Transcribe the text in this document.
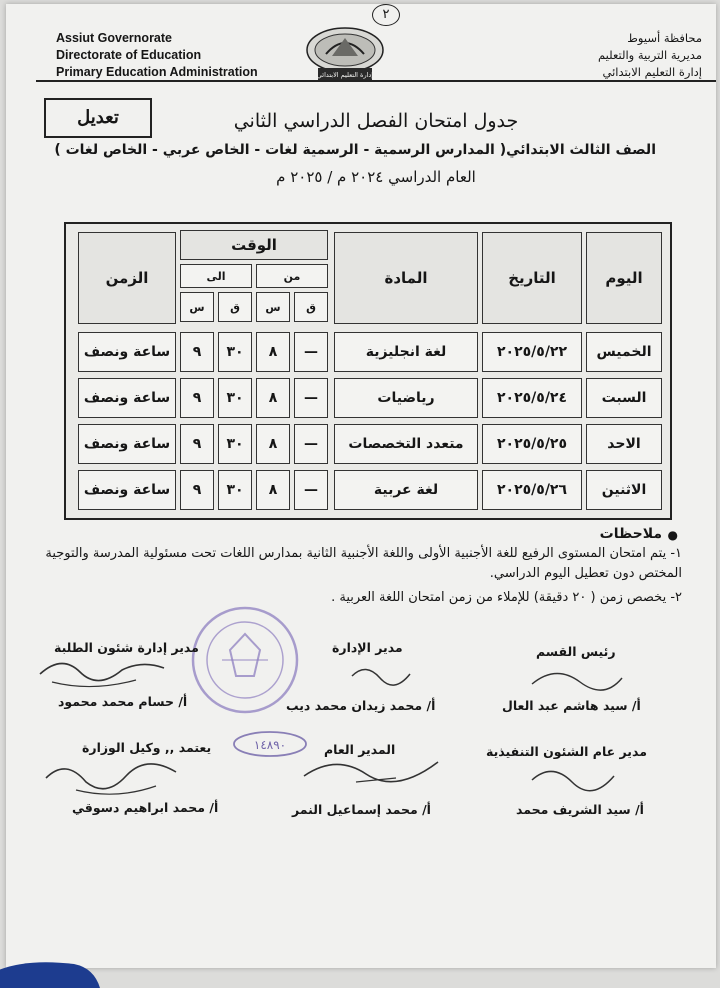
٢
Assiut Governorate
Directorate of Education
Primary Education Administration	إدارة التعليم الابتدائي
محافظة أسيوط
مديرية التربية والتعليم
إدارة التعليم الابتدائي
تعديل	جدول امتحان الفصل الدراسي الثاني
الصف الثالث الابتدائي( المدارس الرسمية - الرسمية لغات - الخاص عربي - الخاص لغات )
العام الدراسي ٢٠٢٤ م / ٢٠٢٥ م
الزمن
الوقت
الى	من
س	ق	س	ق
المادة	التاريخ	اليوم
ساعة ونصف	٩	٣٠	٨	—	لغة انجليزية	٢٠٢٥/٥/٢٢	الخميس
ساعة ونصف	٩	٣٠	٨	—	رياضيات	٢٠٢٥/٥/٢٤	السبت
ساعة ونصف	٩	٣٠	٨	—	متعدد التخصصات	٢٠٢٥/٥/٢٥	الاحد
ساعة ونصف	٩	٣٠	٨	—	لغة عربية	٢٠٢٥/٥/٢٦	الاثنين
●
ملاحظات
١- يتم امتحان المستوى الرفيع للغة الأجنبية الأولى واللغة الأجنبية الثانية بمدارس اللغات تحت مسئولية المدرسة والتوجية المختص دون تعطيل اليوم الدراسي.
٢- يخصص زمن ( ٢٠ دقيقة) للإملاء من زمن امتحان اللغة العربية .
رئيس القسم
مدير الإدارة
مدير إدارة شئون الطلبة
أ/ سيد هاشم عبد العال
أ/ محمد زيدان محمد ديب
أ/ حسام محمد محمود
مدير عام الشئون التنفيذية
المدير العام
يعتمد ,, وكيل الوزارة	١٤٨٩٠
أ/ سيد الشريف محمد
أ/ محمد إسماعيل النمر
أ/ محمد ابراهيم دسوقي
